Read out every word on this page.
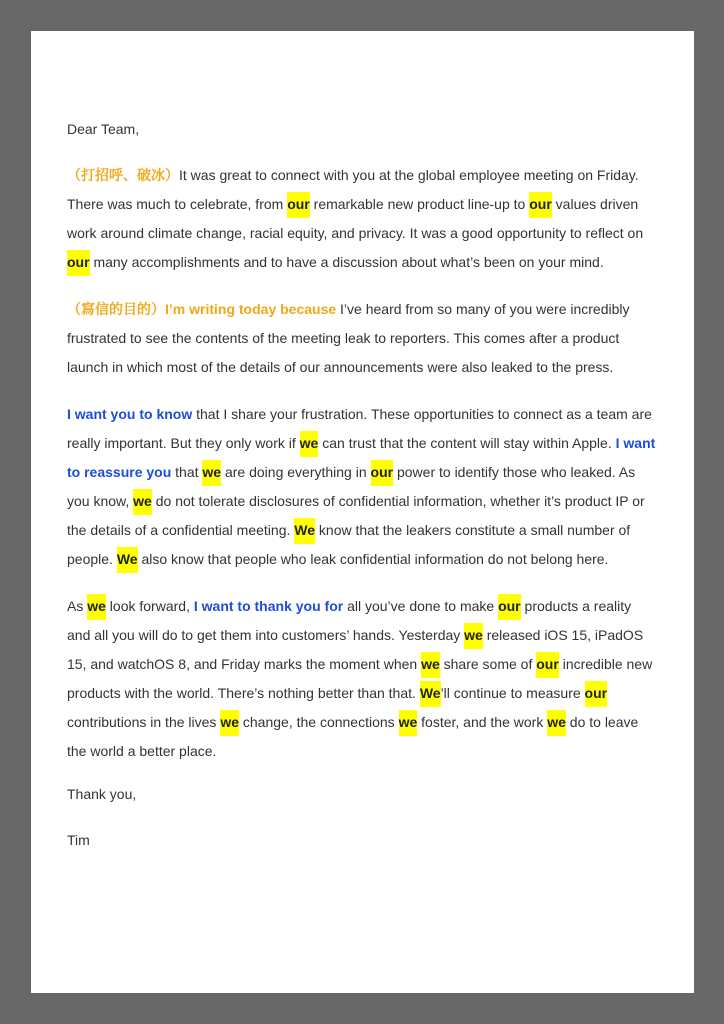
Dear Team,

（打招呼、破冰）It was great to connect with you at the global employee meeting on Friday. There was much to celebrate, from our remarkable new product line-up to our values driven work around climate change, racial equity, and privacy. It was a good opportunity to reflect on our many accomplishments and to have a discussion about what’s been on your mind.

（寫信的目的）I’m writing today because I’ve heard from so many of you were incredibly frustrated to see the contents of the meeting leak to reporters. This comes after a product launch in which most of the details of our announcements were also leaked to the press.

I want you to know that I share your frustration. These opportunities to connect as a team are really important. But they only work if we can trust that the content will stay within Apple. I want to reassure you that we are doing everything in our power to identify those who leaked. As you know, we do not tolerate disclosures of confidential information, whether it’s product IP or the details of a confidential meeting. We know that the leakers constitute a small number of people. We also know that people who leak confidential information do not belong here.

As we look forward, I want to thank you for all you’ve done to make our products a reality and all you will do to get them into customers’ hands. Yesterday we released iOS 15, iPadOS 15, and watchOS 8, and Friday marks the moment when we share some of our incredible new products with the world. There’s nothing better than that. We’ll continue to measure our contributions in the lives we change, the connections we foster, and the work we do to leave the world a better place.

Thank you,

Tim
